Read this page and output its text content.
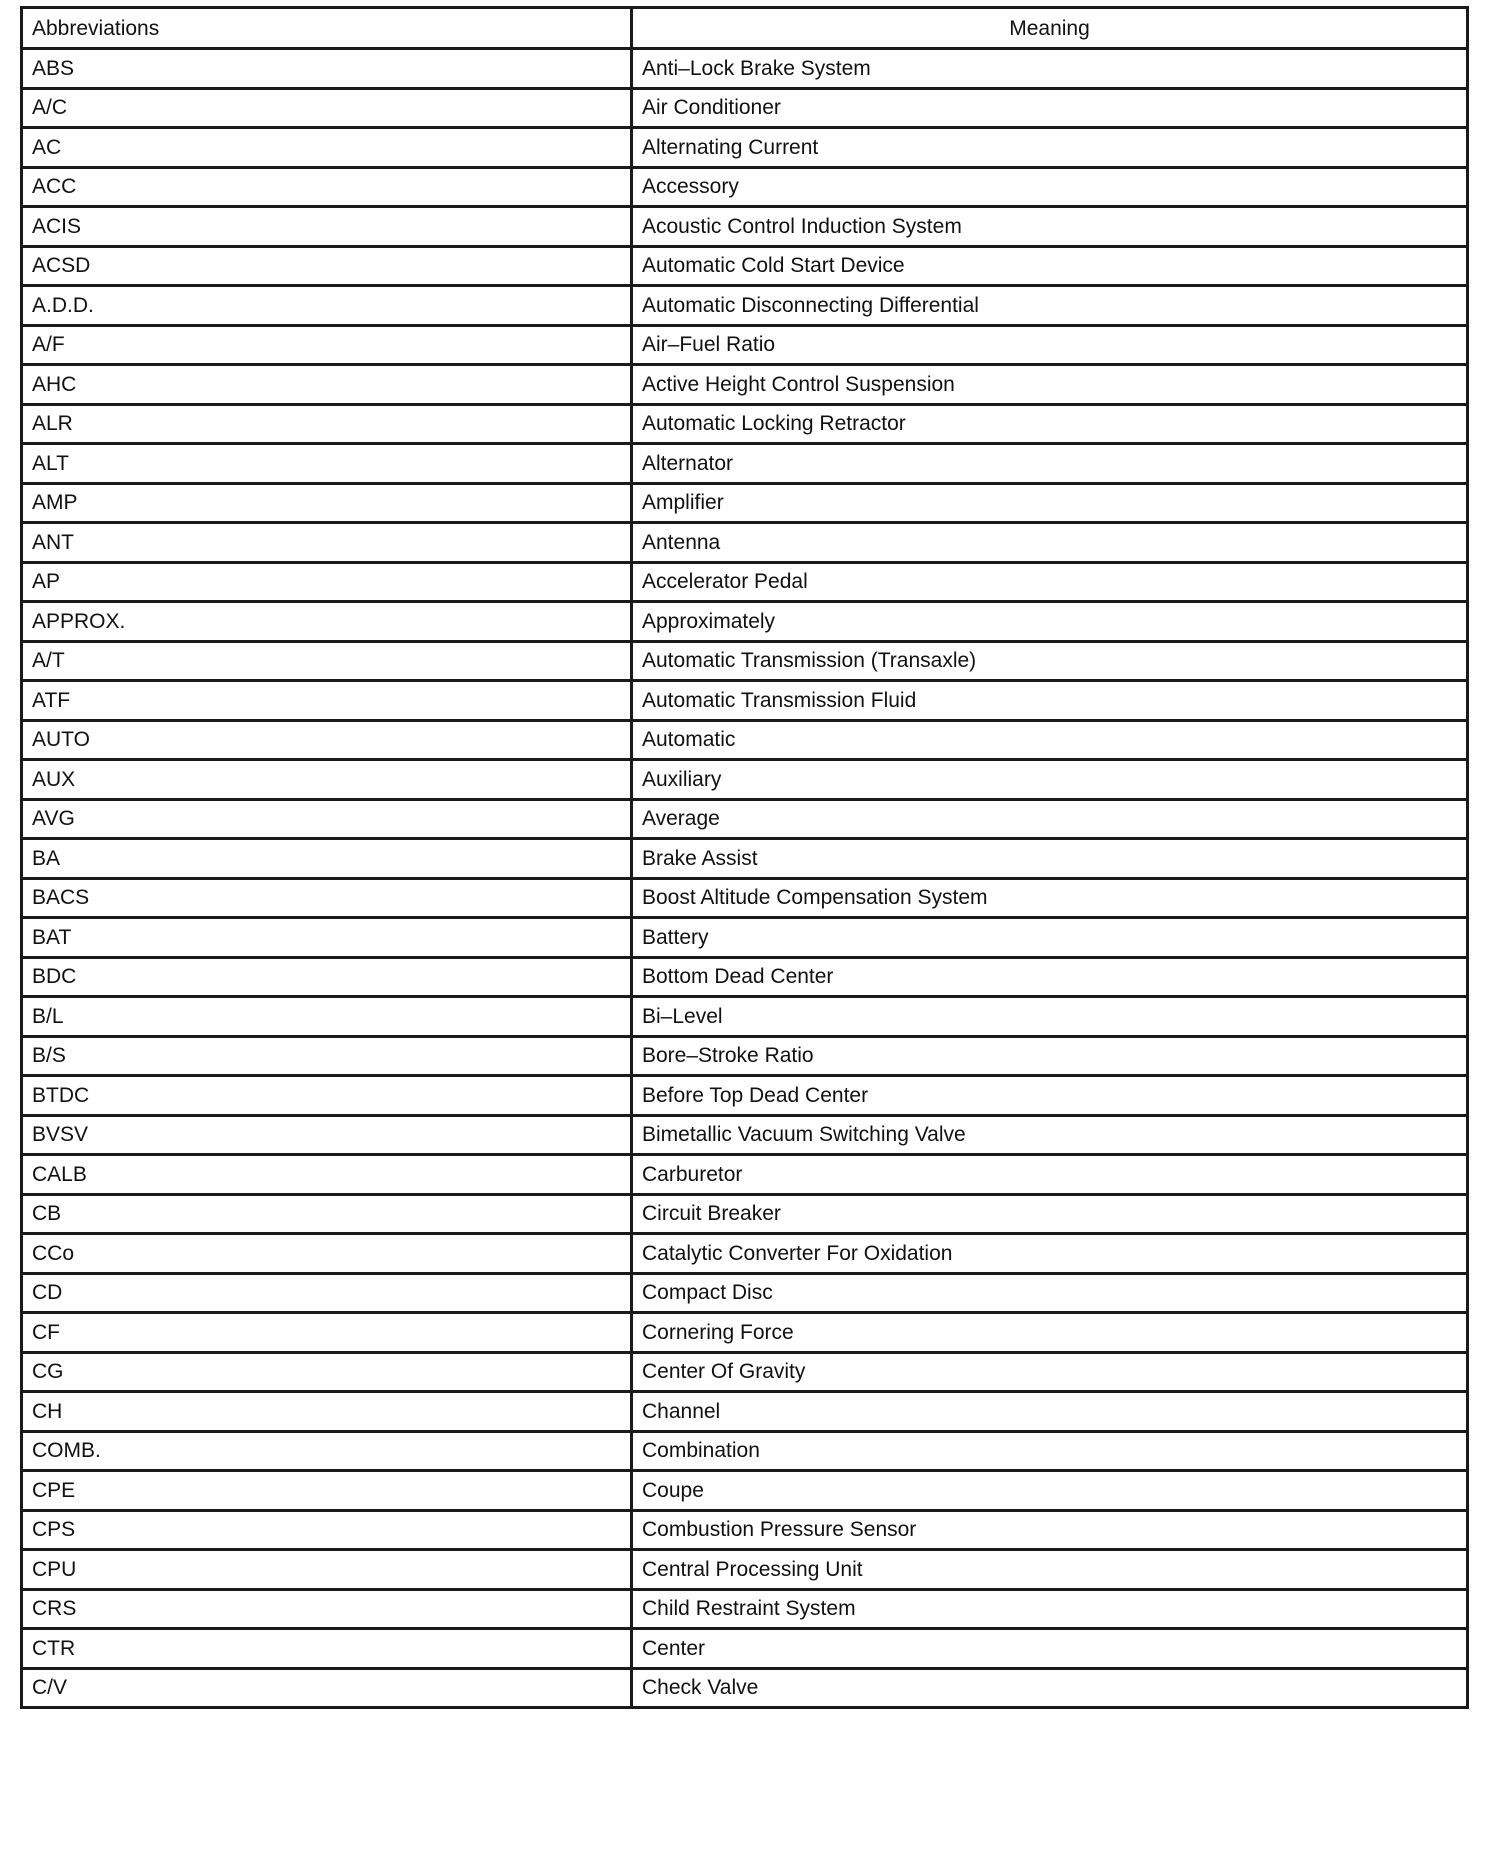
Abbreviations	Meaning
ABS	Anti–Lock Brake System
A/C	Air Conditioner
AC	Alternating Current
ACC	Accessory
ACIS	Acoustic Control Induction System
ACSD	Automatic Cold Start Device
A.D.D.	Automatic Disconnecting Differential
A/F	Air–Fuel Ratio
AHC	Active Height Control Suspension
ALR	Automatic Locking Retractor
ALT	Alternator
AMP	Amplifier
ANT	Antenna
AP	Accelerator Pedal
APPROX.	Approximately
A/T	Automatic Transmission (Transaxle)
ATF	Automatic Transmission Fluid
AUTO	Automatic
AUX	Auxiliary
AVG	Average
BA	Brake Assist
BACS	Boost Altitude Compensation System
BAT	Battery
BDC	Bottom Dead Center
B/L	Bi–Level
B/S	Bore–Stroke Ratio
BTDC	Before Top Dead Center
BVSV	Bimetallic Vacuum Switching Valve
CALB	Carburetor
CB	Circuit Breaker
CCo	Catalytic Converter For Oxidation
CD	Compact Disc
CF	Cornering Force
CG	Center Of Gravity
CH	Channel
COMB.	Combination
CPE	Coupe
CPS	Combustion Pressure Sensor
CPU	Central Processing Unit
CRS	Child Restraint System
CTR	Center
C/V	Check Valve
